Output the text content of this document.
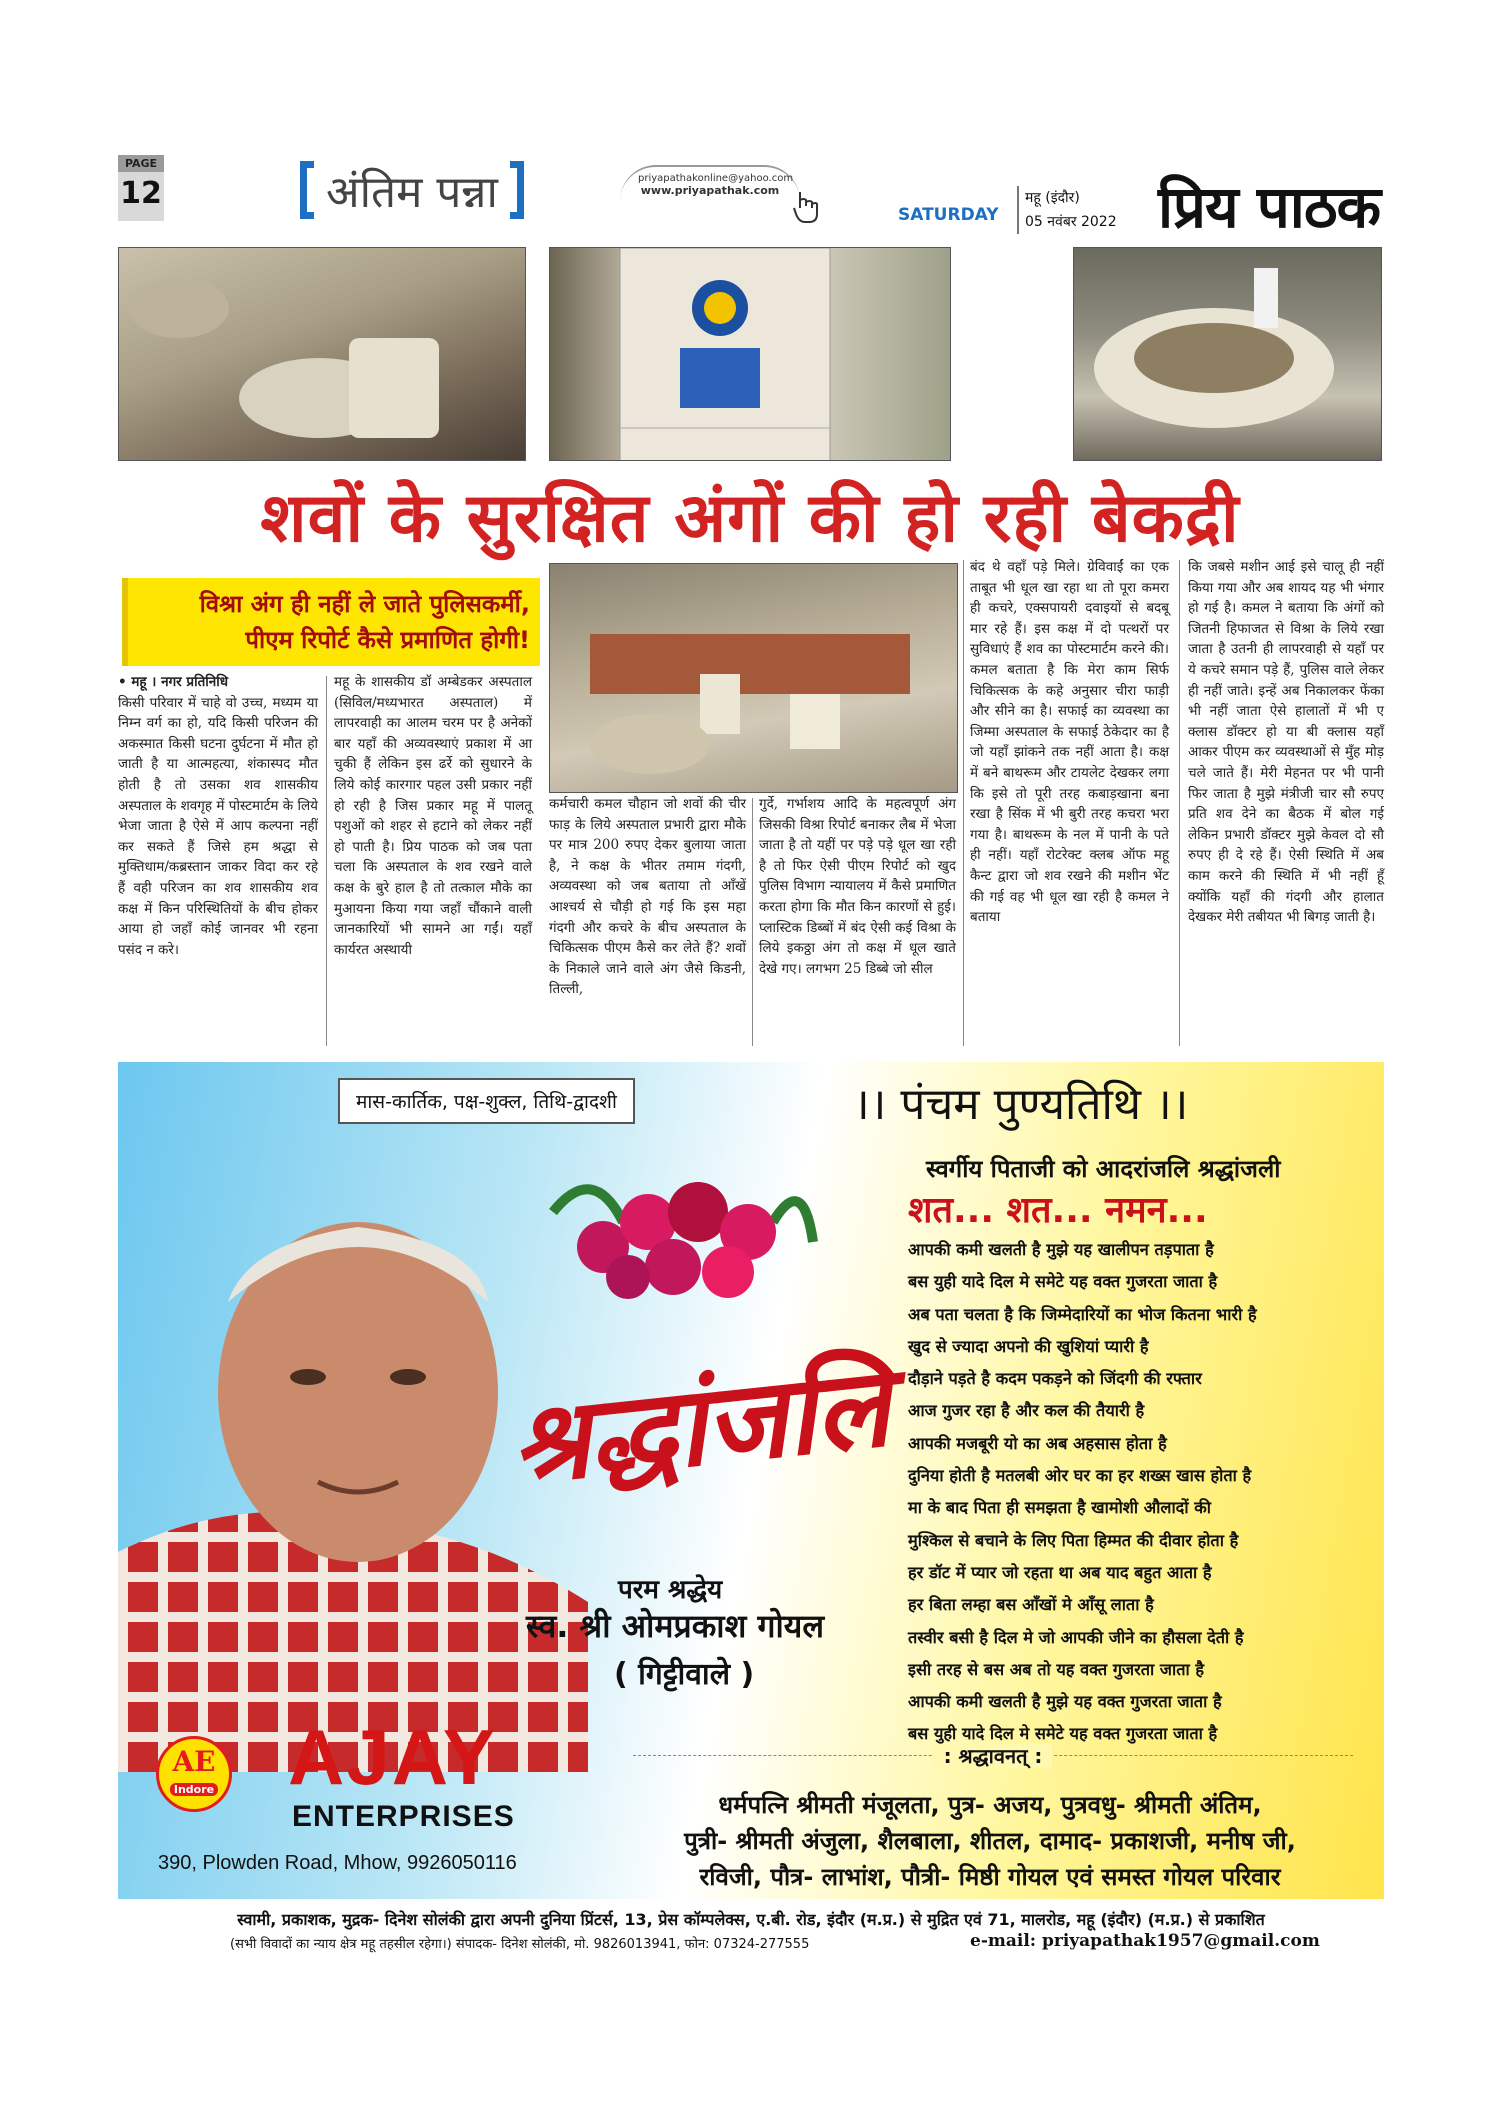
PAGE
12	अंतिम पन्ना	priyapathakonline@yahoo.com
www.priyapathak.com
SATURDAY
महू (इंदौर)
05 नवंबर 2022 प्रिय पाठक
शवों के सुरक्षित अंगों की हो रही बेकद्री
विश्रा अंग ही नहीं ले जाते पुलिसकर्मी,
पीएम रिपोर्ट कैसे प्रमाणित होगी!
• महू । नगर प्रतिनिधि
किसी परिवार में चाहे वो उच्च, मध्यम या निम्न वर्ग का हो, यदि किसी परिजन की अकस्मात किसी घटना दुर्घटना में मौत हो जाती है या आत्महत्या, शंकास्पद मौत होती है तो उसका शव शासकीय अस्पताल के शवगृह में पोस्टमार्टम के लिये भेजा जाता है ऐसे में आप कल्पना नहीं कर सकते हैं जिसे हम श्रद्धा से मुक्तिधाम/कब्रस्तान जाकर विदा कर रहे हैं वही परिजन का शव शासकीय शव कक्ष में किन परिस्थितियों के बीच होकर आया हो जहाँ कोई जानवर भी रहना पसंद न करे।
महू के शासकीय डॉ अम्बेडकर अस्पताल (सिविल/मध्यभारत अस्पताल) में लापरवाही का आलम चरम पर है अनेकों बार यहाँ की अव्यवस्थाएं प्रकाश में आ चुकी हैं लेकिन इस ढर्रे को सुधारने के लिये कोई कारगार पहल उसी प्रकार नहीं हो रही है जिस प्रकार महू में पालतू पशुओं को शहर से हटाने को लेकर नहीं हो पाती है। प्रिय पाठक को जब पता चला कि अस्पताल के शव रखने वाले कक्ष के बुरे हाल है तो तत्काल मौके का मुआयना किया गया जहाँ चौंकाने वाली जानकारियों भी सामने आ गईं। यहाँ कार्यरत अस्थायी
कर्मचारी कमल चौहान जो शवों की चीर फाड़ के लिये अस्पताल प्रभारी द्वारा मौके पर मात्र 200 रुपए देकर बुलाया जाता है, ने कक्ष के भीतर तमाम गंदगी, अव्यवस्था को जब बताया तो आँखें आश्चर्य से चौड़ी हो गई कि इस महा गंदगी और कचरे के बीच अस्पताल के चिकित्सक पीएम कैसे कर लेते हैं? शवों के निकाले जाने वाले अंग जैसे किडनी, तिल्ली,
गुर्दे, गर्भाशय आदि के महत्वपूर्ण अंग जिसकी विश्रा रिपोर्ट बनाकर लैब में भेजा जाता है तो यहीं पर पड़े पड़े धूल खा रही है तो फिर ऐसी पीएम रिपोर्ट को खुद पुलिस विभाग न्यायालय में कैसे प्रमाणित करता होगा कि मौत किन कारणों से हुई। प्लास्टिक डिब्बों में बंद ऐसी कई विश्रा के लिये इकठ्ठा अंग तो कक्ष में धूल खाते देखे गए। लगभग 25 डिब्बे जो सील
बंद थे वहाँ पड़े मिले। ग्रेविवाईं का एक ताबूत भी धूल खा रहा था तो पूरा कमरा ही कचरे, एक्सपायरी दवाइयों से बदबू मार रहे हैं। इस कक्ष में दो पत्थरों पर सुविधाएं हैं शव का पोस्टमार्टम करने की। कमल बताता है कि मेरा काम सिर्फ चिकित्सक के कहे अनुसार चीरा फाड़ी और सीने का है। सफाई का व्यवस्था का जिम्मा अस्पताल के सफाई ठेकेदार का है जो यहाँ झांकने तक नहीं आता है। कक्ष में बने बाथरूम और टायलेट देखकर लगा कि इसे तो पूरी तरह कबाड़खाना बना रखा है सिंक में भी बुरी तरह कचरा भरा गया है। बाथरूम के नल में पानी के पते ही नहीं। यहाँ रोटरेक्ट क्लब ऑफ महू कैन्ट द्वारा जो शव रखने की मशीन भेंट की गई वह भी धूल खा रही है कमल ने बताया
कि जबसे मशीन आई इसे चालू ही नहीं किया गया और अब शायद यह भी भंगार हो गई है। कमल ने बताया कि अंगों को जितनी हिफाजत से विश्रा के लिये रखा जाता है उतनी ही लापरवाही से यहाँ पर ये कचरे समान पड़े हैं, पुलिस वाले लेकर ही नहीं जाते। इन्हें अब निकालकर फेंका भी नहीं जाता ऐसे हालातों में भी ए क्लास डॉक्टर हो या बी क्लास यहाँ आकर पीएम कर व्यवस्थाओं से मुँह मोड़ चले जाते हैं। मेरी मेहनत पर भी पानी फिर जाता है मुझे मंत्रीजी चार सौ रुपए प्रति शव देने का बैठक में बोल गई लेकिन प्रभारी डॉक्टर मुझे केवल दो सौ रुपए ही दे रहे हैं। ऐसी स्थिति में अब काम करने की स्थिति में भी नहीं हूँ क्योंकि यहाँ की गंदगी और हालात देखकर मेरी तबीयत भी बिगड़ जाती है।
मास-कार्तिक, पक्ष-शुक्ल, तिथि-द्वादशी	।। पंचम पुण्यतिथि ।।
श्रद्धांजलि
परम श्रद्धेय
स्व. श्री ओमप्रकाश गोयल
( गिट्टीवाले )
स्वर्गीय पिताजी को आदरांजलि श्रद्धांजली
शत... शत... नमन...
आपकी कमी खलती है मुझे यह खालीपन तड़पाता है
बस युही यादे दिल मे समेटे यह वक्त गुजरता जाता है
अब पता चलता है कि जिम्मेदारियों का भोज कितना भारी है
खुद से ज्यादा अपनो की खुशियां प्यारी है
दौड़ाने पड़ते है कदम पकड़ने को जिंदगी की रफ्तार
आज गुजर रहा है और कल की तैयारी है
आपकी मजबूरी यो का अब अहसास होता है
दुनिया होती है मतलबी ओर घर का हर शख्स खास होता है
मा के बाद पिता ही समझता है खामोशी औलादों की
मुश्किल से बचाने के लिए पिता हिम्मत की दीवार होता है
हर डॉट में प्यार जो रहता था अब याद बहुत आता है
हर बिता लम्हा बस आँखों मे आँसू लाता है
तस्वीर बसी है दिल मे जो आपकी जीने का हौसला देती है
इसी तरह से बस अब तो यह वक्त गुजरता जाता है
आपकी कमी खलती है मुझे यह वक्त गुजरता जाता है
बस युही यादे दिल मे समेटे यह वक्त गुजरता जाता है
: श्रद्धावनत् :
धर्मपत्नि श्रीमती मंजूलता, पुत्र- अजय, पुत्रवधु- श्रीमती अंतिम,
पुत्री- श्रीमती अंजुला, शैलबाला, शीतल, दामाद- प्रकाशजी, मनीष जी,
रविजी, पौत्र- लाभांश, पौत्री- मिष्ठी गोयल एवं समस्त गोयल परिवार
AE
Indore AJAY
ENTERPRISES
390, Plowden Road, Mhow, 9926050116
स्वामी, प्रकाशक, मुद्रक- दिनेश सोलंकी द्वारा अपनी दुनिया प्रिंटर्स, 13, प्रेस कॉम्पलेक्स, ए.बी. रोड, इंदौर (म.प्र.) से मुद्रित एवं 71, मालरोड, महू (इंदौर) (म.प्र.) से प्रकाशित
(सभी विवादों का न्याय क्षेत्र महू तहसील रहेगा।) संपादक- दिनेश सोलंकी, मो. 9826013941, फोन: 07324-277555	e-mail: priyapathak1957@gmail.com
